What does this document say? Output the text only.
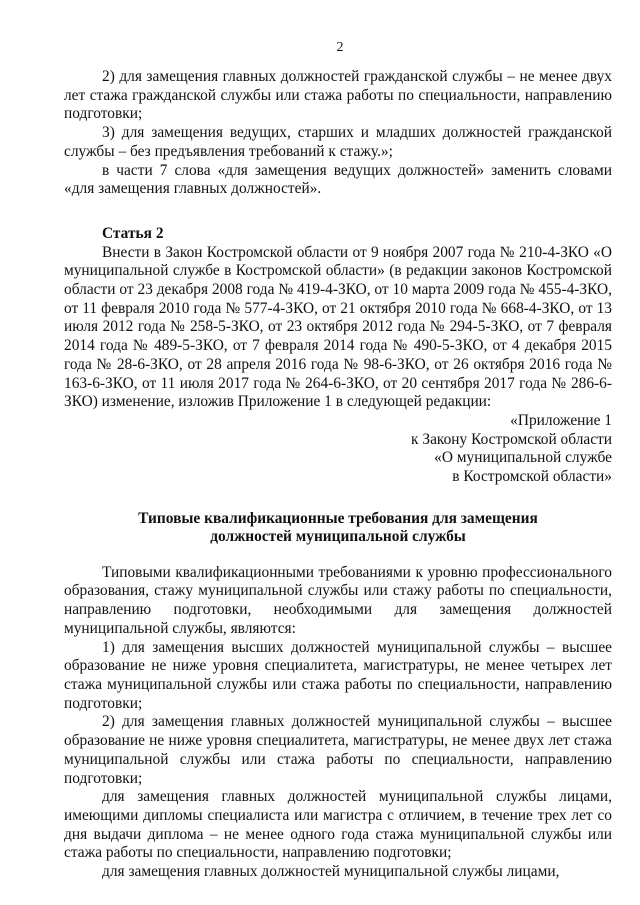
2

2) для замещения главных должностей гражданской службы – не менее двух лет стажа гражданской службы или стажа работы по специальности, направлению подготовки;

3) для замещения ведущих, старших и младших должностей гражданской службы – без предъявления требований к стажу.»;

в части 7 слова «для замещения ведущих должностей» заменить словами «для замещения главных должностей».

Статья 2

Внести в Закон Костромской области от 9 ноября 2007 года № 210-4-ЗКО «О муниципальной службе в Костромской области» (в редакции законов Костромской области от 23 декабря 2008 года № 419-4-ЗКО, от 10 марта 2009 года № 455-4-ЗКО, от 11 февраля 2010 года № 577-4-ЗКО, от 21 октября 2010 года № 668-4-ЗКО, от 13 июля 2012 года № 258-5-ЗКО, от 23 октября 2012 года № 294-5-ЗКО, от 7 февраля 2014 года № 489-5-ЗКО, от 7 февраля 2014 года № 490-5-ЗКО, от 4 декабря 2015 года № 28-6-ЗКО, от 28 апреля 2016 года № 98-6-ЗКО, от 26 октября 2016 года № 163-6-ЗКО, от 11 июля 2017 года № 264-6-ЗКО, от 20 сентября 2017 года № 286-6-ЗКО) изменение, изложив Приложение 1 в следующей редакции:

«Приложение 1
к Закону Костромской области
«О муниципальной службе
в Костромской области»
Типовые квалификационные требования для замещения
должностей муниципальной службы

Типовыми квалификационными требованиями к уровню профессионального образования, стажу муниципальной службы или стажу работы по специальности, направлению подготовки, необходимыми для замещения должностей муниципальной службы, являются:

1) для замещения высших должностей муниципальной службы – высшее образование не ниже уровня специалитета, магистратуры, не менее четырех лет стажа муниципальной службы или стажа работы по специальности, направлению подготовки;

2) для замещения главных должностей муниципальной службы – высшее образование не ниже уровня специалитета, магистратуры, не менее двух лет стажа муниципальной службы или стажа работы по специальности, направлению подготовки;

для замещения главных должностей муниципальной службы лицами, имеющими дипломы специалиста или магистра с отличием, в течение трех лет со дня выдачи диплома – не менее одного года стажа муниципальной службы или стажа работы по специальности, направлению подготовки;

для замещения главных должностей муниципальной службы лицами,
